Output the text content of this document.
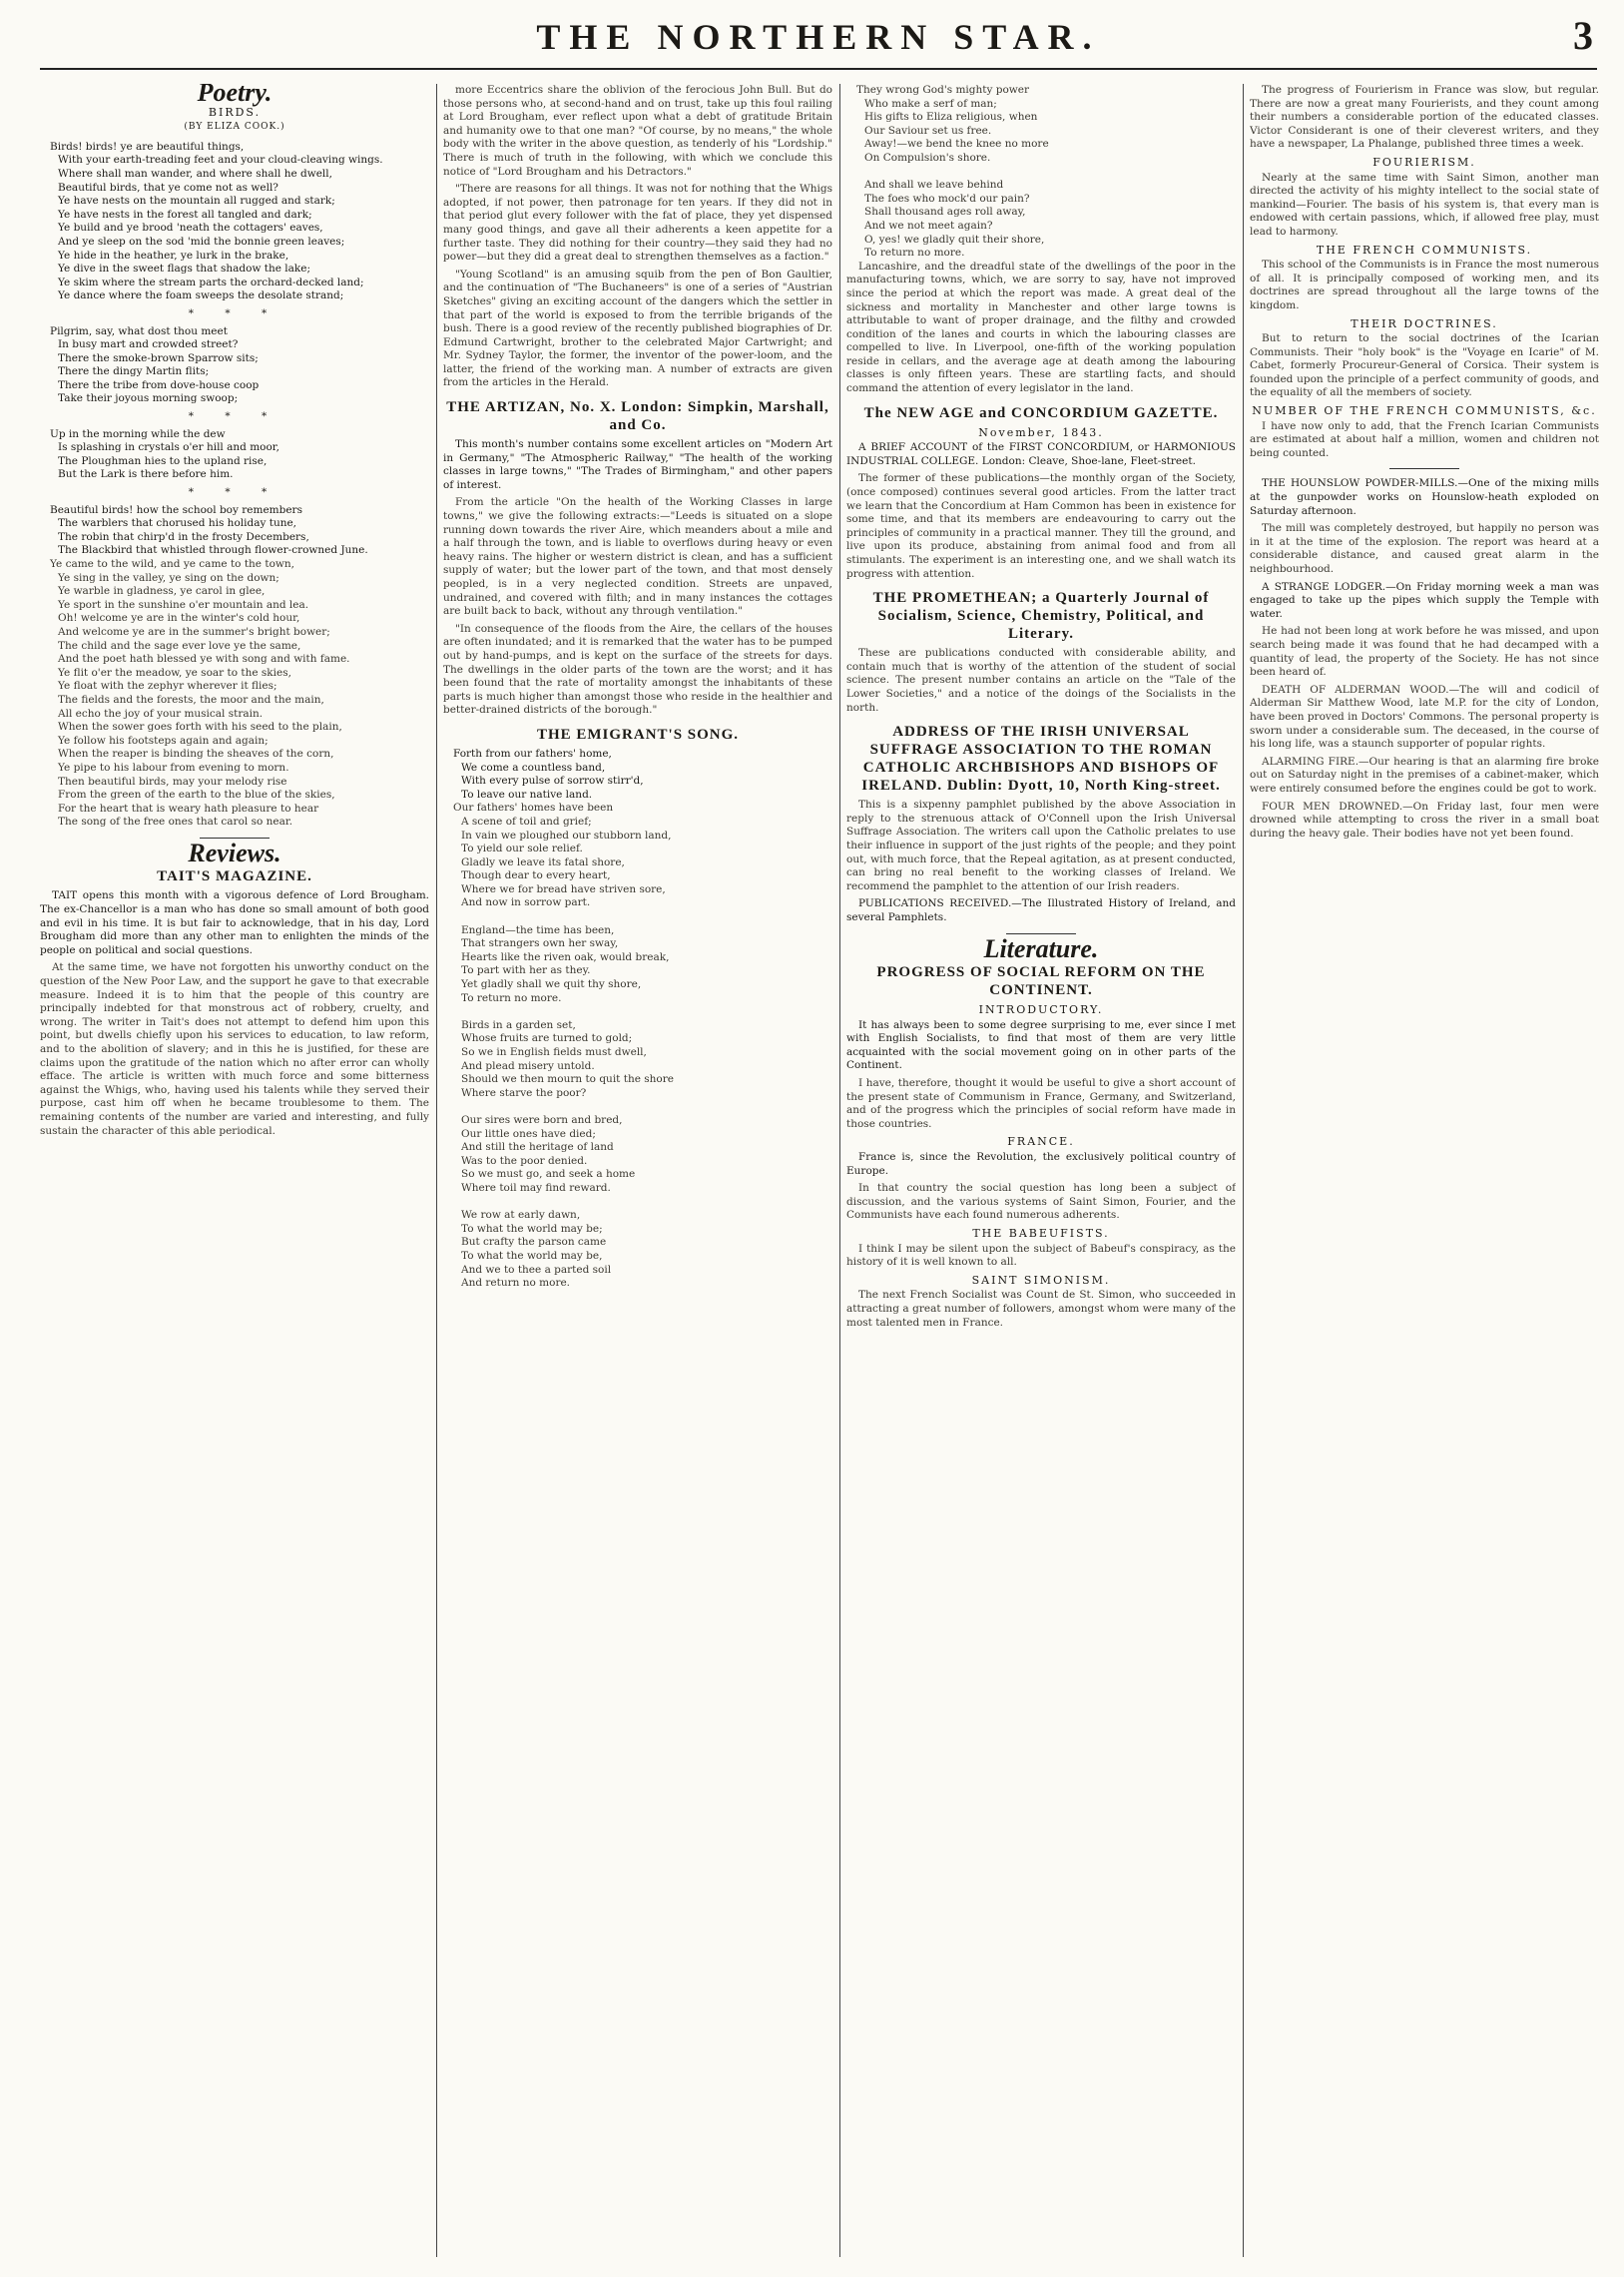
THE NORTHERN STAR.	3
Poetry.
BIRDS.
(BY ELIZA COOK.)
Birds! birds! ye are beautiful things,
With your earth-treading feet and your cloud-cleaving wings.
Where shall man wander, and where shall he dwell,
Beautiful birds, that ye come not as well?
Ye have nests on the mountain all rugged and stark;
Ye have nests in the forest all tangled and dark;
Ye build and ye brood 'neath the cottagers' eaves,
And ye sleep on the sod 'mid the bonnie green leaves;
Ye hide in the heather, ye lurk in the brake,
Ye dive in the sweet flags that shadow the lake;
Ye skim where the stream parts the orchard-decked land;
Ye dance where the foam sweeps the desolate strand;
* * *
Pilgrim, say, what dost thou meet
In busy mart and crowded street?
There the smoke-brown Sparrow sits;
There the dingy Martin flits;
There the tribe from dove-house coop
Take their joyous morning swoop;
* * *
Up in the morning while the dew
Is splashing in crystals o'er hill and moor,
The Ploughman hies to the upland rise,
But the Lark is there before him.
* * *
Beautiful birds! how the school boy remembers
The warblers that chorused his holiday tune,
The robin that chirp'd in the frosty Decembers,
The Blackbird that whistled through flower-crowned June.
Ye came to the wild, and ye came to the town,
Ye sing in the valley, ye sing on the down;
Ye warble in gladness, ye carol in glee,
Ye sport in the sunshine o'er mountain and lea.
Oh! welcome ye are in the winter's cold hour,
And welcome ye are in the summer's bright bower;
The child and the sage ever love ye the same,
And the poet hath blessed ye with song and with fame.
Ye flit o'er the meadow, ye soar to the skies,
Ye float with the zephyr wherever it flies;
The fields and the forests, the moor and the main,
All echo the joy of your musical strain.
When the sower goes forth with his seed to the plain,
Ye follow his footsteps again and again;
When the reaper is binding the sheaves of the corn,
Ye pipe to his labour from evening to morn.
Then beautiful birds, may your melody rise
From the green of the earth to the blue of the skies,
For the heart that is weary hath pleasure to hear
The song of the free ones that carol so near.
Reviews.
TAIT'S MAGAZINE.

TAIT opens this month with a vigorous defence of Lord Brougham. The ex-Chancellor is a man who has done so small amount of both good and evil in his time. It is but fair to acknowledge, that in his day, Lord Brougham did more than any other man to enlighten the minds of the people on political and social questions.

At the same time, we have not forgotten his unworthy conduct on the question of the New Poor Law, and the support he gave to that execrable measure. Indeed it is to him that the people of this country are principally indebted for that monstrous act of robbery, cruelty, and wrong. The writer in Tait's does not attempt to defend him upon this point, but dwells chiefly upon his services to education, to law reform, and to the abolition of slavery; and in this he is justified, for these are claims upon the gratitude of the nation which no after error can wholly efface. The article is written with much force and some bitterness against the Whigs, who, having used his talents while they served their purpose, cast him off when he became troublesome to them. The remaining contents of the number are varied and interesting, and fully sustain the character of this able periodical.

more Eccentrics share the oblivion of the ferocious John Bull. But do those persons who, at second-hand and on trust, take up this foul railing at Lord Brougham, ever reflect upon what a debt of gratitude Britain and humanity owe to that one man? "Of course, by no means," the whole body with the writer in the above question, as tenderly of his "Lordship." There is much of truth in the following, with which we conclude this notice of "Lord Brougham and his Detractors."

"There are reasons for all things. It was not for nothing that the Whigs adopted, if not power, then patronage for ten years. If they did not in that period glut every follower with the fat of place, they yet dispensed many good things, and gave all their adherents a keen appetite for a further taste. They did nothing for their country—they said they had no power—but they did a great deal to strengthen themselves as a faction."

"Young Scotland" is an amusing squib from the pen of Bon Gaultier, and the continuation of "The Buchaneers" is one of a series of "Austrian Sketches" giving an exciting account of the dangers which the settler in that part of the world is exposed to from the terrible brigands of the bush. There is a good review of the recently published biographies of Dr. Edmund Cartwright, brother to the celebrated Major Cartwright; and Mr. Sydney Taylor, the former, the inventor of the power-loom, and the latter, the friend of the working man. A number of extracts are given from the articles in the Herald.

THE ARTIZAN, No. X. London: Simpkin, Marshall, and Co.

This month's number contains some excellent articles on "Modern Art in Germany," "The Atmospheric Railway," "The health of the working classes in large towns," "The Trades of Birmingham," and other papers of interest.

From the article "On the health of the Working Classes in large towns," we give the following extracts:—"Leeds is situated on a slope running down towards the river Aire, which meanders about a mile and a half through the town, and is liable to overflows during heavy or even heavy rains. The higher or western district is clean, and has a sufficient supply of water; but the lower part of the town, and that most densely peopled, is in a very neglected condition. Streets are unpaved, undrained, and covered with filth; and in many instances the cottages are built back to back, without any through ventilation."

"In consequence of the floods from the Aire, the cellars of the houses are often inundated; and it is remarked that the water has to be pumped out by hand-pumps, and is kept on the surface of the streets for days. The dwellings in the older parts of the town are the worst; and it has been found that the rate of mortality amongst the inhabitants of these parts is much higher than amongst those who reside in the healthier and better-drained districts of the borough."

THE EMIGRANT'S SONG.
Forth from our fathers' home,
We come a countless band,
With every pulse of sorrow stirr'd,
To leave our native land.
Our fathers' homes have been
A scene of toil and grief;
In vain we ploughed our stubborn land,
To yield our sole relief.
Gladly we leave its fatal shore,
Though dear to every heart,
Where we for bread have striven sore,
And now in sorrow part.

England—the time has been,
That strangers own her sway,
Hearts like the riven oak, would break,
To part with her as they.
Yet gladly shall we quit thy shore,
To return no more.

Birds in a garden set,
Whose fruits are turned to gold;
So we in English fields must dwell,
And plead misery untold.
Should we then mourn to quit the shore
Where starve the poor?

Our sires were born and bred,
Our little ones have died;
And still the heritage of land
Was to the poor denied.
So we must go, and seek a home
Where toil may find reward.

We row at early dawn,
To what the world may be;
But crafty the parson came
To what the world may be,
And we to thee a parted soil
And return no more.
They wrong God's mighty power
Who make a serf of man;
His gifts to Eliza religious, when
Our Saviour set us free.
Away!—we bend the knee no more
On Compulsion's shore.

And shall we leave behind
The foes who mock'd our pain?
Shall thousand ages roll away,
And we not meet again?
O, yes! we gladly quit their shore,
To return no more.

Lancashire, and the dreadful state of the dwellings of the poor in the manufacturing towns, which, we are sorry to say, have not improved since the period at which the report was made. A great deal of the sickness and mortality in Manchester and other large towns is attributable to want of proper drainage, and the filthy and crowded condition of the lanes and courts in which the labouring classes are compelled to live. In Liverpool, one-fifth of the working population reside in cellars, and the average age at death among the labouring classes is only fifteen years. These are startling facts, and should command the attention of every legislator in the land.

The NEW AGE and CONCORDIUM GAZETTE.
November, 1843.

A BRIEF ACCOUNT of the FIRST CONCORDIUM, or HARMONIOUS INDUSTRIAL COLLEGE. London: Cleave, Shoe-lane, Fleet-street.

The former of these publications—the monthly organ of the Society, (once composed) continues several good articles. From the latter tract we learn that the Concordium at Ham Common has been in existence for some time, and that its members are endeavouring to carry out the principles of community in a practical manner. They till the ground, and live upon its produce, abstaining from animal food and from all stimulants. The experiment is an interesting one, and we shall watch its progress with attention.

THE PROMETHEAN; a Quarterly Journal of Socialism, Science, Chemistry, Political, and Literary.

These are publications conducted with considerable ability, and contain much that is worthy of the attention of the student of social science. The present number contains an article on the "Tale of the Lower Societies," and a notice of the doings of the Socialists in the north.

ADDRESS OF THE IRISH UNIVERSAL SUFFRAGE ASSOCIATION TO THE ROMAN CATHOLIC ARCHBISHOPS AND BISHOPS OF IRELAND. Dublin: Dyott, 10, North King-street.

This is a sixpenny pamphlet published by the above Association in reply to the strenuous attack of O'Connell upon the Irish Universal Suffrage Association. The writers call upon the Catholic prelates to use their influence in support of the just rights of the people; and they point out, with much force, that the Repeal agitation, as at present conducted, can bring no real benefit to the working classes of Ireland. We recommend the pamphlet to the attention of our Irish readers.

PUBLICATIONS RECEIVED.—The Illustrated History of Ireland, and several Pamphlets.

Literature.
PROGRESS OF SOCIAL REFORM ON THE CONTINENT.
INTRODUCTORY.

It has always been to some degree surprising to me, ever since I met with English Socialists, to find that most of them are very little acquainted with the social movement going on in other parts of the Continent.

I have, therefore, thought it would be useful to give a short account of the present state of Communism in France, Germany, and Switzerland, and of the progress which the principles of social reform have made in those countries.

FRANCE.

France is, since the Revolution, the exclusively political country of Europe.

In that country the social question has long been a subject of discussion, and the various systems of Saint Simon, Fourier, and the Communists have each found numerous adherents.

THE BABEUFISTS.

I think I may be silent upon the subject of Babeuf's conspiracy, as the history of it is well known to all.

SAINT SIMONISM.

The next French Socialist was Count de St. Simon, who succeeded in attracting a great number of followers, amongst whom were many of the most talented men in France.

The progress of Fourierism in France was slow, but regular. There are now a great many Fourierists, and they count among their numbers a considerable portion of the educated classes. Victor Considerant is one of their cleverest writers, and they have a newspaper, La Phalange, published three times a week.

FOURIERISM.

Nearly at the same time with Saint Simon, another man directed the activity of his mighty intellect to the social state of mankind—Fourier. The basis of his system is, that every man is endowed with certain passions, which, if allowed free play, must lead to harmony.

THE FRENCH COMMUNISTS.

This school of the Communists is in France the most numerous of all. It is principally composed of working men, and its doctrines are spread throughout all the large towns of the kingdom.

THEIR DOCTRINES.

But to return to the social doctrines of the Icarian Communists. Their "holy book" is the "Voyage en Icarie" of M. Cabet, formerly Procureur-General of Corsica. Their system is founded upon the principle of a perfect community of goods, and the equality of all the members of society.

NUMBER OF THE FRENCH COMMUNISTS, &c.

I have now only to add, that the French Icarian Communists are estimated at about half a million, women and children not being counted.

THE HOUNSLOW POWDER-MILLS.—One of the mixing mills at the gunpowder works on Hounslow-heath exploded on Saturday afternoon.

The mill was completely destroyed, but happily no person was in it at the time of the explosion. The report was heard at a considerable distance, and caused great alarm in the neighbourhood.

A STRANGE LODGER.—On Friday morning week a man was engaged to take up the pipes which supply the Temple with water.

He had not been long at work before he was missed, and upon search being made it was found that he had decamped with a quantity of lead, the property of the Society. He has not since been heard of.

DEATH OF ALDERMAN WOOD.—The will and codicil of Alderman Sir Matthew Wood, late M.P. for the city of London, have been proved in Doctors' Commons. The personal property is sworn under a considerable sum. The deceased, in the course of his long life, was a staunch supporter of popular rights.

ALARMING FIRE.—Our hearing is that an alarming fire broke out on Saturday night in the premises of a cabinet-maker, which were entirely consumed before the engines could be got to work.

FOUR MEN DROWNED.—On Friday last, four men were drowned while attempting to cross the river in a small boat during the heavy gale. Their bodies have not yet been found.
